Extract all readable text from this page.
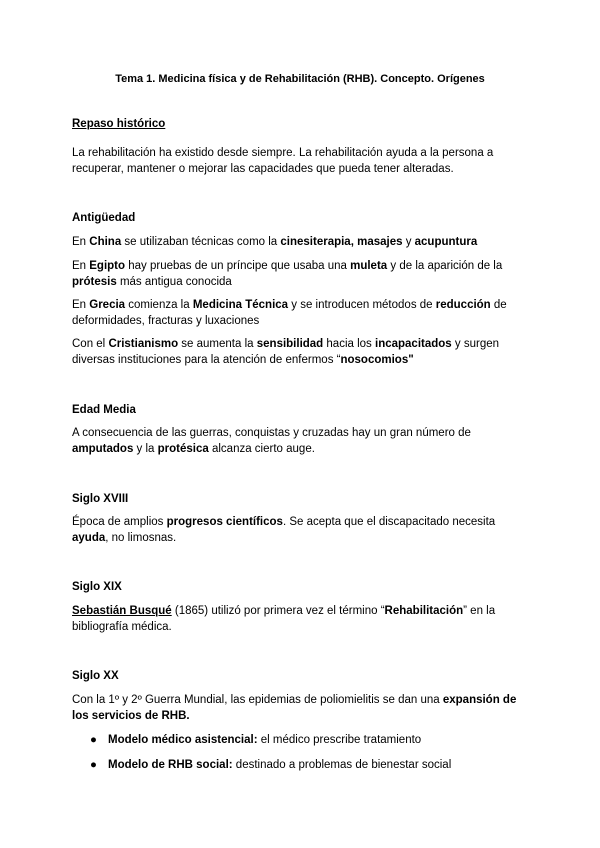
Tema 1. Medicina física y de Rehabilitación (RHB). Concepto. Orígenes
Repaso histórico

La rehabilitación ha existido desde siempre. La rehabilitación ayuda a la persona a recuperar, mantener o mejorar las capacidades que pueda tener alteradas.

Antigüedad

En China se utilizaban técnicas como la cinesiterapia, masajes y acupuntura

En Egipto hay pruebas de un príncipe que usaba una muleta y de la aparición de la prótesis más antigua conocida

En Grecia comienza la Medicina Técnica y se introducen métodos de reducción de deformidades, fracturas y luxaciones

Con el Cristianismo se aumenta la sensibilidad hacia los incapacitados y surgen diversas instituciones para la atención de enfermos “nosocomios"

Edad Media

A consecuencia de las guerras, conquistas y cruzadas hay un gran número de amputados y la protésica alcanza cierto auge.

Siglo XVIII

Época de amplios progresos científicos. Se acepta que el discapacitado necesita ayuda, no limosnas.

Siglo XIX

Sebastián Busqué (1865) utilizó por primera vez el término “Rehabilitación” en la bibliografía médica.

Siglo XX

Con la 1º y 2º Guerra Mundial, las epidemias de poliomielitis se dan una expansión de los servicios de RHB.

● Modelo médico asistencial: el médico prescribe tratamiento
● Modelo de RHB social: destinado a problemas de bienestar social
